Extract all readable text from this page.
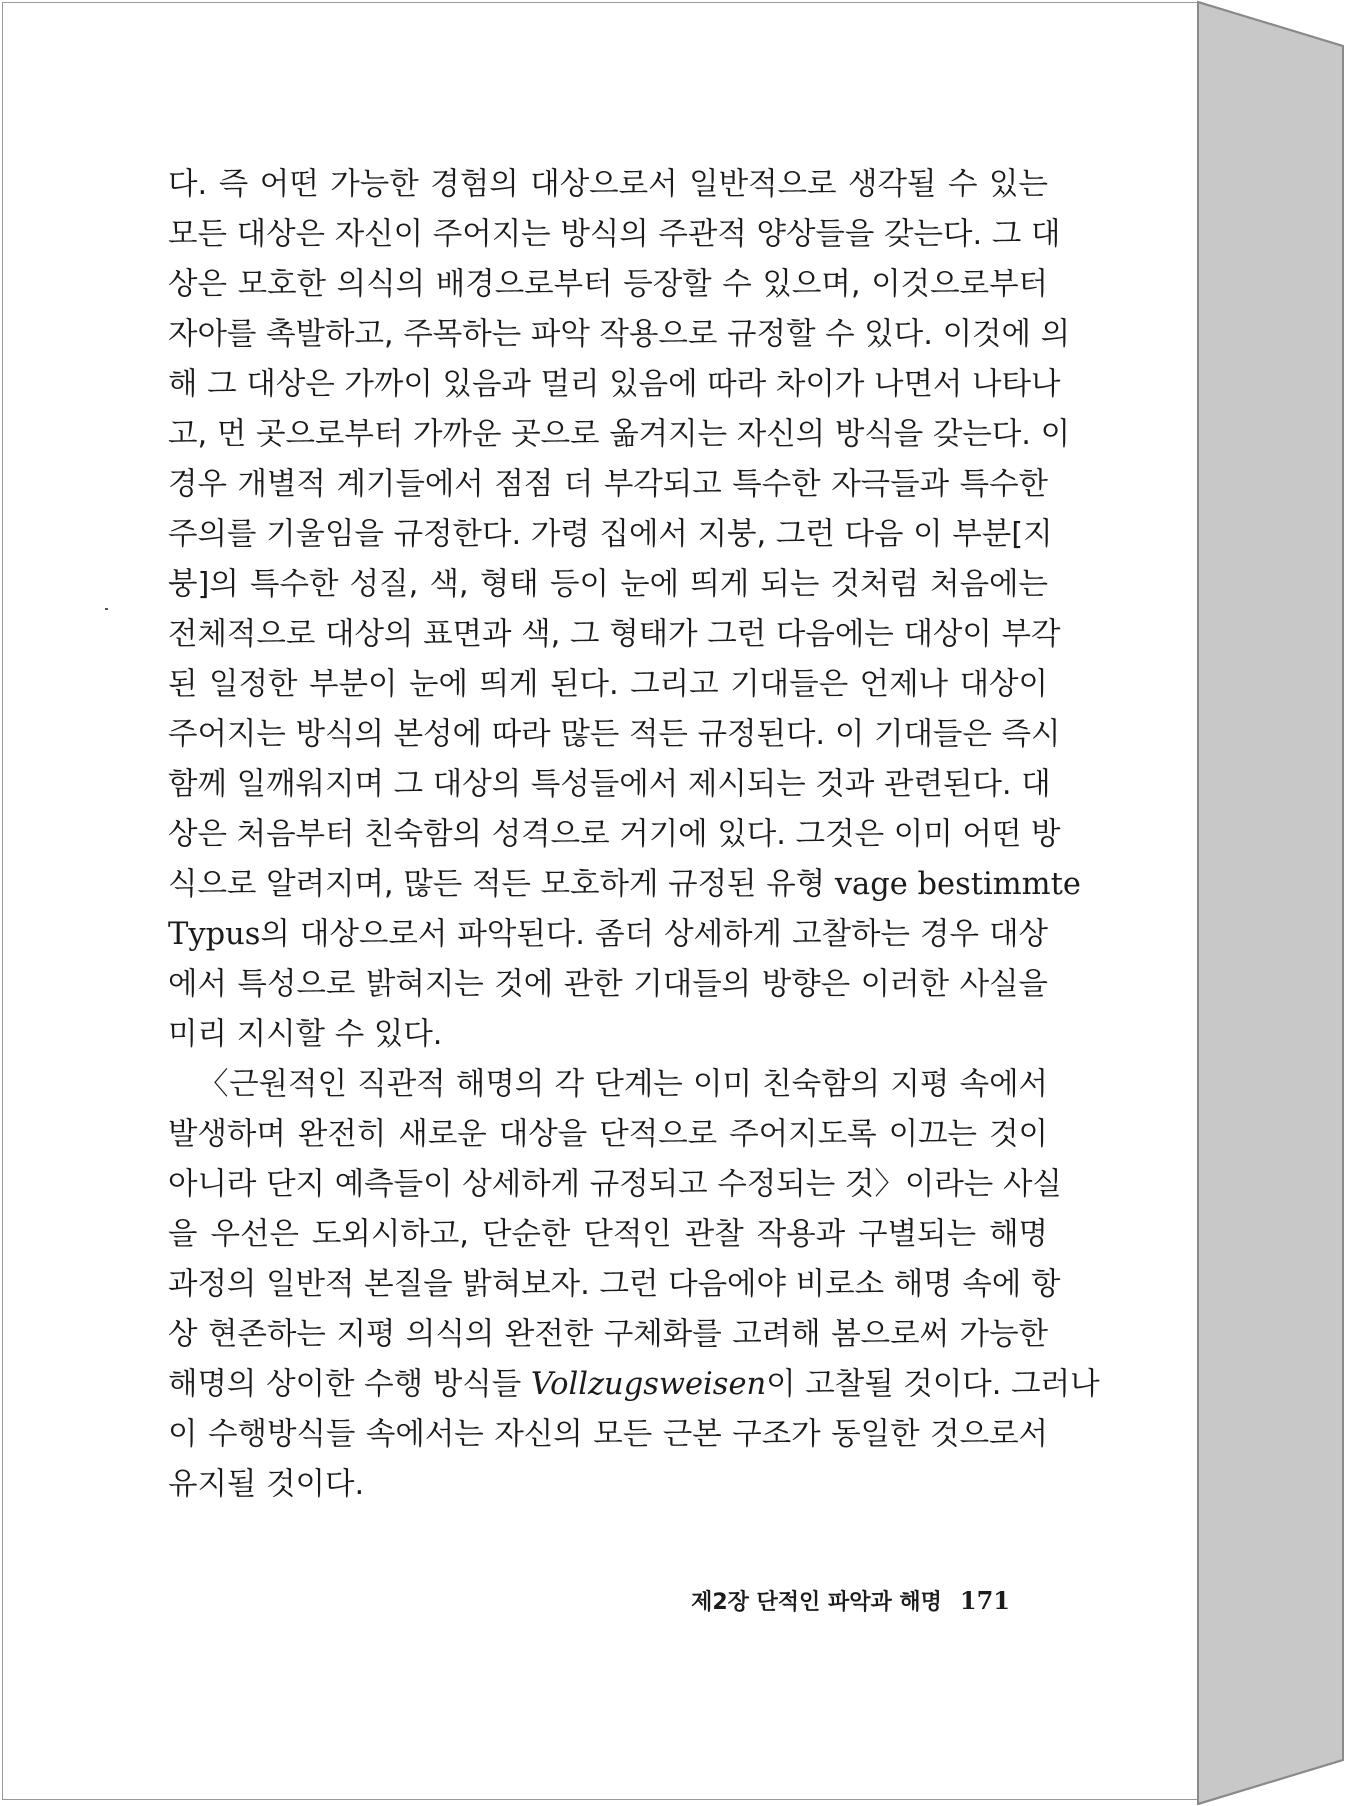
다. 즉 어떤 가능한 경험의 대상으로서 일반적으로 생각될 수 있는
모든 대상은 자신이 주어지는 방식의 주관적 양상들을 갖는다. 그 대
상은 모호한 의식의 배경으로부터 등장할 수 있으며, 이것으로부터
자아를 촉발하고, 주목하는 파악 작용으로 규정할 수 있다. 이것에 의
해 그 대상은 가까이 있음과 멀리 있음에 따라 차이가 나면서 나타나
고, 먼 곳으로부터 가까운 곳으로 옮겨지는 자신의 방식을 갖는다. 이
경우 개별적 계기들에서 점점 더 부각되고 특수한 자극들과 특수한
주의를 기울임을 규정한다. 가령 집에서 지붕, 그런 다음 이 부분[지
붕]의 특수한 성질, 색, 형태 등이 눈에 띄게 되는 것처럼 처음에는
전체적으로 대상의 표면과 색, 그 형태가 그런 다음에는 대상이 부각
된 일정한 부분이 눈에 띄게 된다. 그리고 기대들은 언제나 대상이
주어지는 방식의 본성에 따라 많든 적든 규정된다. 이 기대들은 즉시
함께 일깨워지며 그 대상의 특성들에서 제시되는 것과 관련된다. 대
상은 처음부터 친숙함의 성격으로 거기에 있다. 그것은 이미 어떤 방
식으로 알려지며, 많든 적든 모호하게 규정된 유형 vage bestimmte
Typus의 대상으로서 파악된다. 좀더 상세하게 고찰하는 경우 대상
에서 특성으로 밝혀지는 것에 관한 기대들의 방향은 이러한 사실을
미리 지시할 수 있다.
〈근원적인 직관적 해명의 각 단계는 이미 친숙함의 지평 속에서
발생하며 완전히 새로운 대상을 단적으로 주어지도록 이끄는 것이
아니라 단지 예측들이 상세하게 규정되고 수정되는 것〉이라는 사실
을 우선은 도외시하고, 단순한 단적인 관찰 작용과 구별되는 해명
과정의 일반적 본질을 밝혀보자. 그런 다음에야 비로소 해명 속에 항
상 현존하는 지평 의식의 완전한 구체화를 고려해 봄으로써 가능한
해명의 상이한 수행 방식들 Vollzugsweisen이 고찰될 것이다. 그러나
이 수행방식들 속에서는 자신의 모든 근본 구조가 동일한 것으로서
유지될 것이다.
제2장 단적인 파악과 해명 171
